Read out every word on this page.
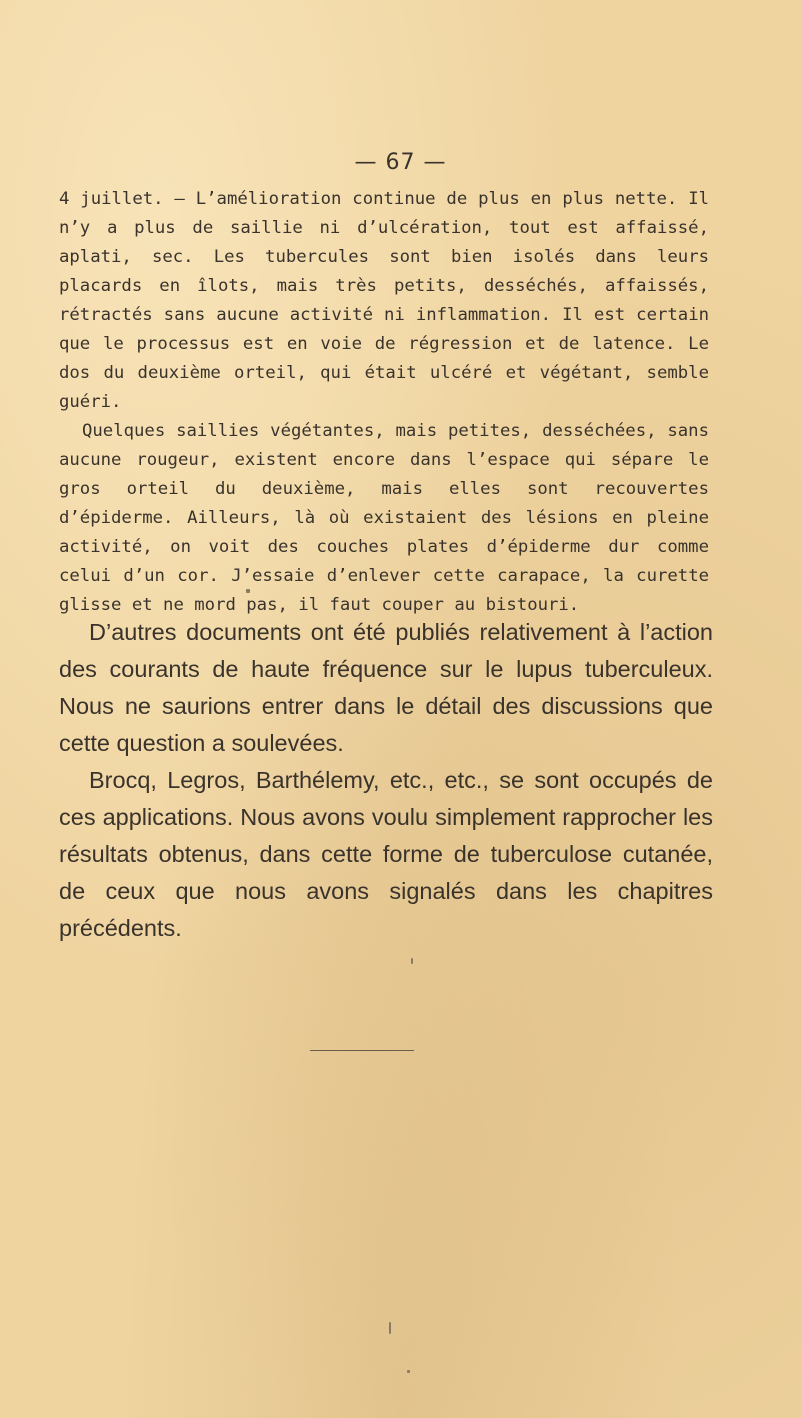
— 67 —

4 juillet. — L’amélioration continue de plus en plus nette. Il n’y a plus de saillie ni d’ulcération, tout est affaissé, aplati, sec. Les tubercules sont bien isolés dans leurs placards en îlots, mais très petits, desséchés, affaissés, rétractés sans aucune activité ni inflammation. Il est certain que le processus est en voie de régression et de latence. Le dos du deuxième orteil, qui était ulcéré et végétant, semble guéri.

Quelques saillies végétantes, mais petites, desséchées, sans aucune rougeur, existent encore dans l’espace qui sépare le gros orteil du deuxième, mais elles sont recouvertes d’épiderme. Ailleurs, là où existaient des lésions en pleine activité, on voit des couches plates d’épiderme dur comme celui d’un cor. J’essaie d’enlever cette carapace, la curette glisse et ne mord pas, il faut couper au bistouri.

D’autres documents ont été publiés relativement à l’action des courants de haute fréquence sur le lupus tuberculeux. Nous ne saurions entrer dans le détail des discussions que cette question a soulevées.

Brocq, Legros, Barthélemy, etc., etc., se sont occupés de ces applications. Nous avons voulu simplement rapprocher les résultats obtenus, dans cette forme de tuberculose cutanée, de ceux que nous avons signalés dans les chapitres précédents.
